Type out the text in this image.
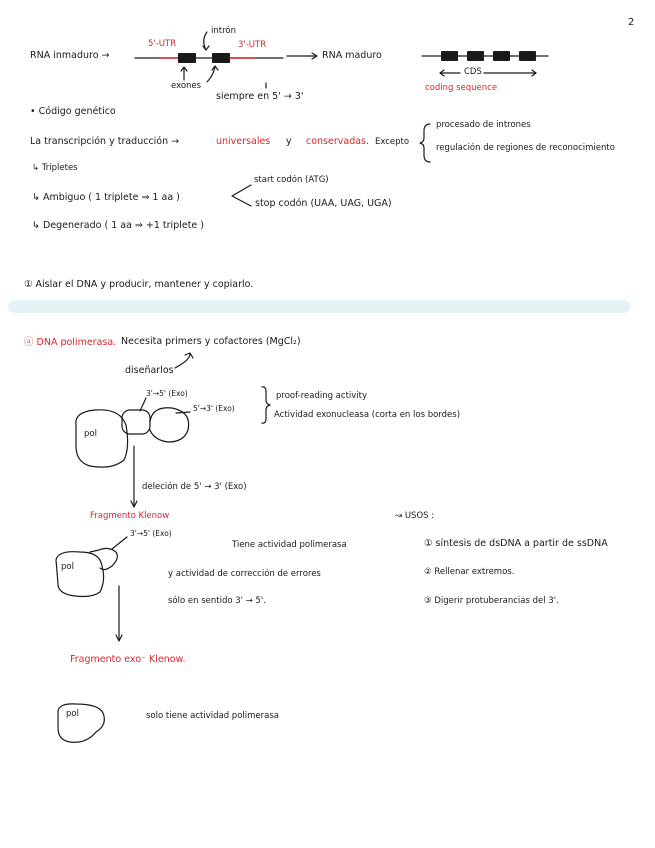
2
RNA inmaduro →
5'-UTR
intrón
3'-UTR
exones
siempre en 5' → 3'
RNA maduro
CDS
coding sequence
• Código genético
La transcripción y traducción →	universales y conservadas. Excepto
procesado de intrones
regulación de regiones de reconocimiento
↳ Tripletes
↳ Ambiguo ( 1 triplete ⇒ 1 aa )
start codón (ATG)
stop codón (UAA, UAG, UGA)
↳ Degenerado ( 1 aa ⇒ +1 triplete )
① Aislar el DNA y producir, mantener y copiarlo.
ⓐ DNA polimerasa. Necesita primers y cofactores (MgCl₂)
diseñarlos
3'→5' (Exo)
5'→3' (Exo)
proof-reading activity
Actividad exonucleasa (corta en los bordes)
pol
deleción de 5' → 3' (Exo)
Fragmento Klenow
3'→5' (Exo)
pol
Tiene actividad polimerasa
y actividad de corrección de errores
sólo en sentido 3' → 5'.
↝ USOS :
① síntesis de dsDNA a partir de ssDNA
② Rellenar extremos.
③ Digerir protuberancias del 3'.
Fragmento exo⁻ Klenow.
pol	solo tiene actividad polimerasa
